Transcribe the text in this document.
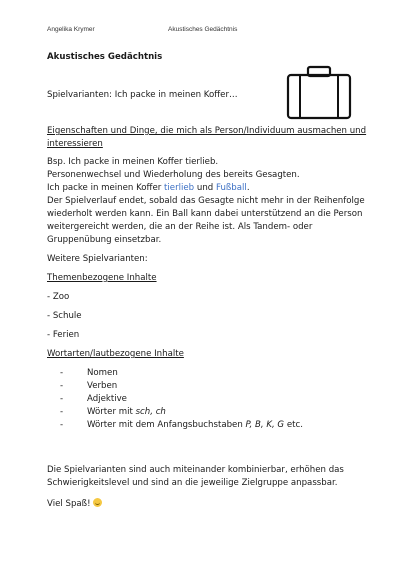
Angelika Krymer	Akustisches Gedächtnis

Akustisches Gedächtnis

Spielvarianten: Ich packe in meinen Koffer…

Eigenschaften und Dinge, die mich als Person/Individuum ausmachen und interessieren

Bsp. Ich packe in meinen Koffer tierlieb.

Personenwechsel und Wiederholung des bereits Gesagten.

Ich packe in meinen Koffer tierlieb und Fußball.

Der Spielverlauf endet, sobald das Gesagte nicht mehr in der Reihenfolge wiederholt werden kann. Ein Ball kann dabei unterstützend an die Person weitergereicht werden, die an der Reihe ist. Als Tandem- oder Gruppenübung einsetzbar.

Weitere Spielvarianten:

Themenbezogene Inhalte

- Zoo

- Schule

- Ferien

Wortarten/lautbezogene Inhalte

-	Nomen
-	Verben
-	Adjektive
-	Wörter mit sch, ch
-	Wörter mit dem Anfangsbuchstaben P, B, K, G etc.

Die Spielvarianten sind auch miteinander kombinierbar, erhöhen das Schwierigkeitslevel und sind an die jeweilige Zielgruppe anpassbar.

Viel Spaß!
